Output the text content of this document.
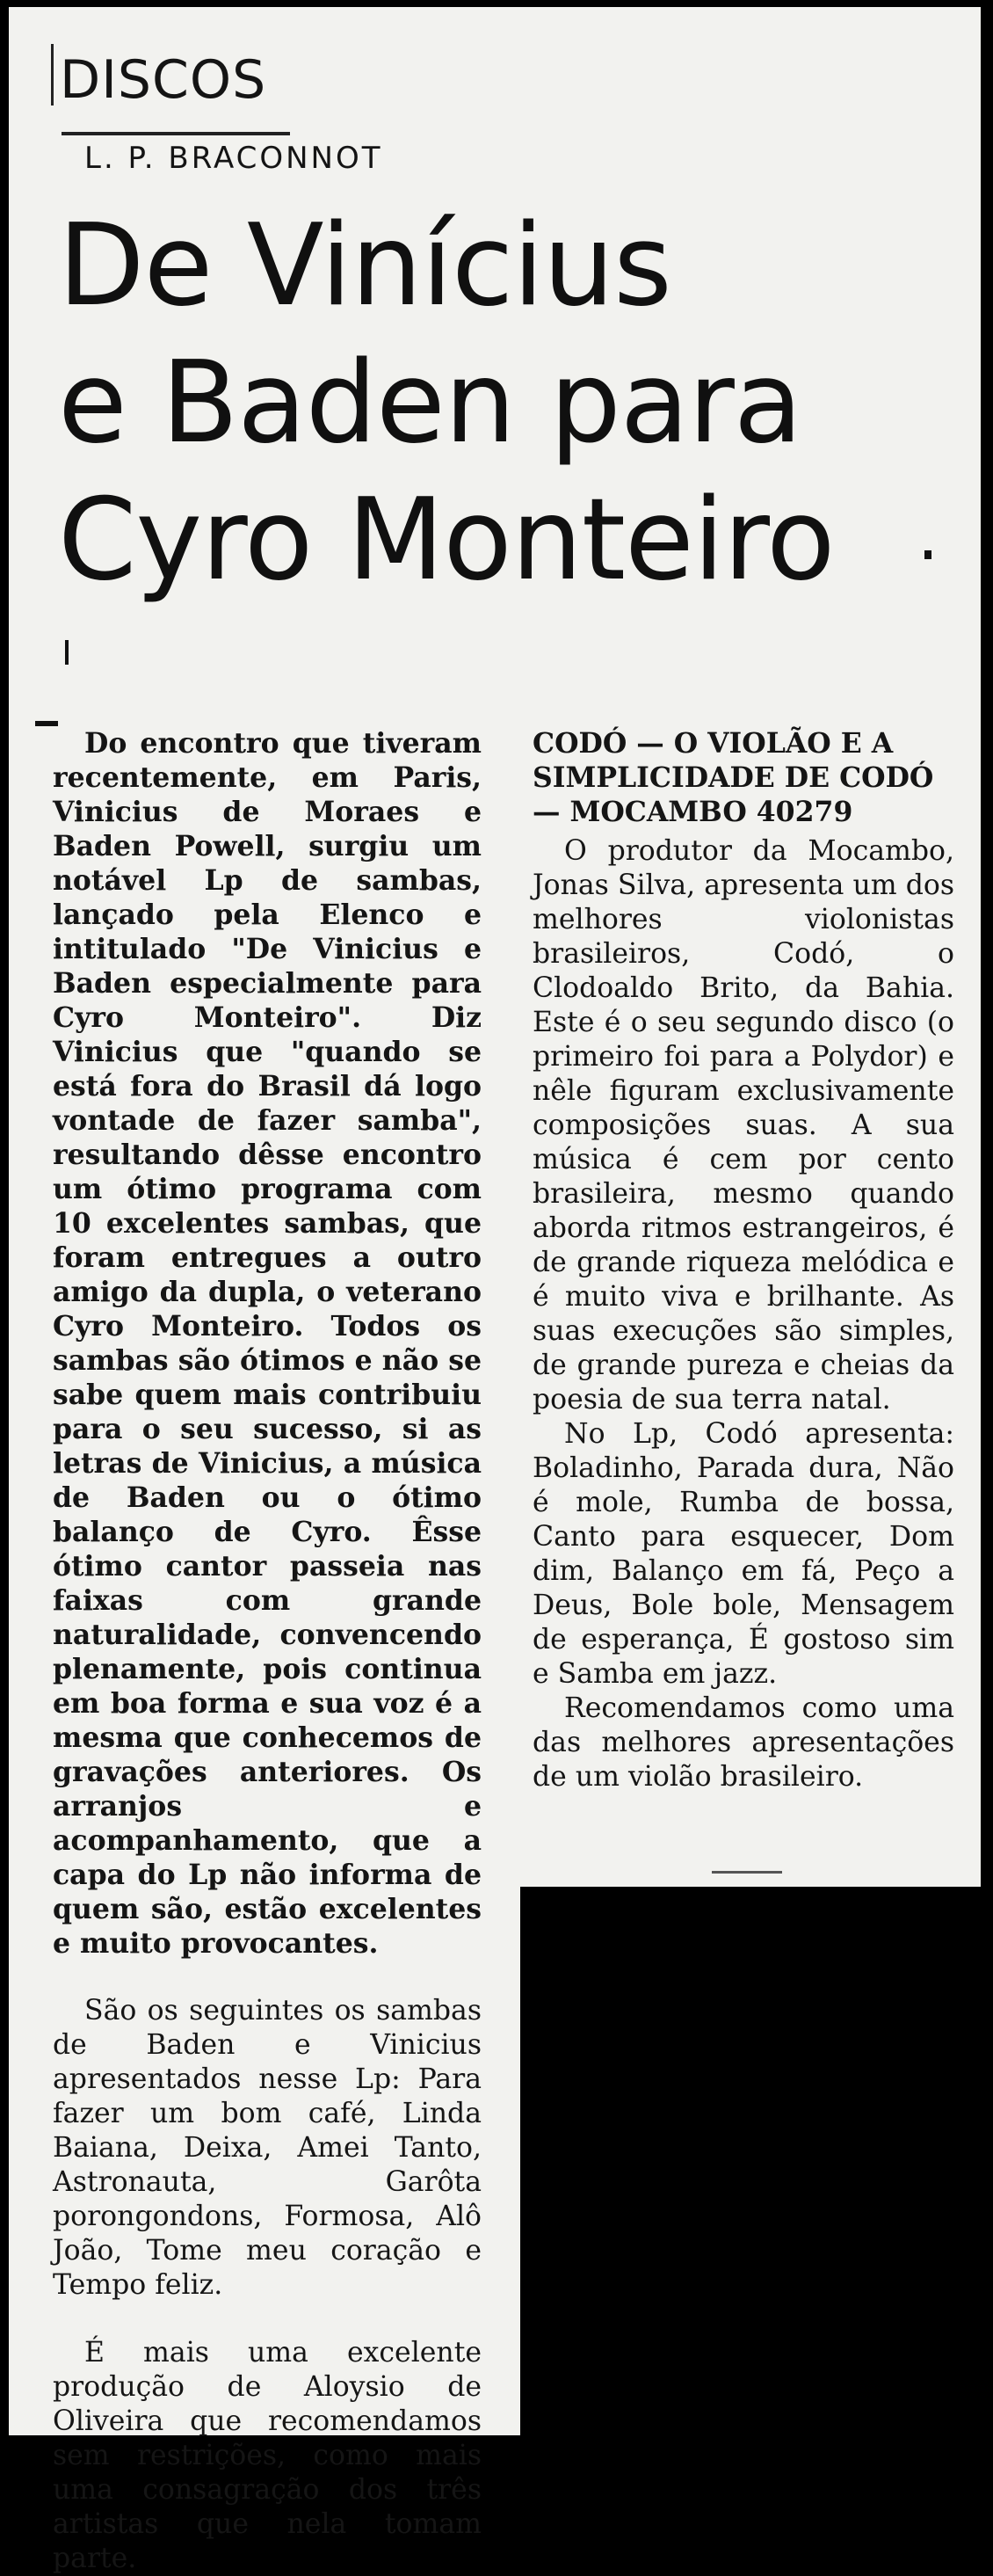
DISCOS
L. P. BRACONNOT
De Vinícius
e Baden para
Cyro Monteiro

Do encontro que tiveram recentemente, em Paris, Vinicius de Moraes e Baden Powell, surgiu um notável Lp de sambas, lançado pela Elenco e intitulado "De Vinicius e Baden especialmente para Cyro Monteiro". Diz Vinicius que "quando se está fora do Brasil dá logo vontade de fazer samba", resultando dêsse encontro um ótimo programa com 10 excelentes sambas, que foram entregues a outro amigo da dupla, o veterano Cyro Monteiro. Todos os sambas são ótimos e não se sabe quem mais contribuiu para o seu sucesso, si as letras de Vinicius, a música de Baden ou o ótimo balanço de Cyro. Êsse ótimo cantor passeia nas faixas com grande naturalidade, convencendo plenamente, pois continua em boa forma e sua voz é a mesma que conhecemos de gravações anteriores. Os arranjos e acompanhamento, que a capa do Lp não informa de quem são, estão excelentes e muito provocantes.

São os seguintes os sambas de Baden e Vinicius apresentados nesse Lp: Para fazer um bom café, Linda Baiana, Deixa, Amei Tanto, Astronauta, Garôta porongondons, Formosa, Alô João, Tome meu coração e Tempo feliz.

É mais uma excelente produção de Aloysio de Oliveira que recomendamos sem restrições, como mais uma consagração dos três artistas que nela tomam parte.

CODÓ — O VIOLÃO E A SIMPLICIDADE DE CODÓ — MOCAMBO 40279

O produtor da Mocambo, Jonas Silva, apresenta um dos melhores violonistas brasileiros, Codó, o Clodoaldo Brito, da Bahia. Este é o seu segundo disco (o primeiro foi para a Polydor) e nêle figuram exclusivamente composições suas. A sua música é cem por cento brasileira, mesmo quando aborda ritmos estrangeiros, é de grande riqueza melódica e é muito viva e brilhante. As suas execuções são simples, de grande pureza e cheias da poesia de sua terra natal.

No Lp, Codó apresenta: Boladinho, Parada dura, Não é mole, Rumba de bossa, Canto para esquecer, Dom dim, Balanço em fá, Peço a Deus, Bole bole, Mensagem de esperança, É gostoso sim e Samba em jazz.

Recomendamos como uma das melhores apresentações de um violão brasileiro.
